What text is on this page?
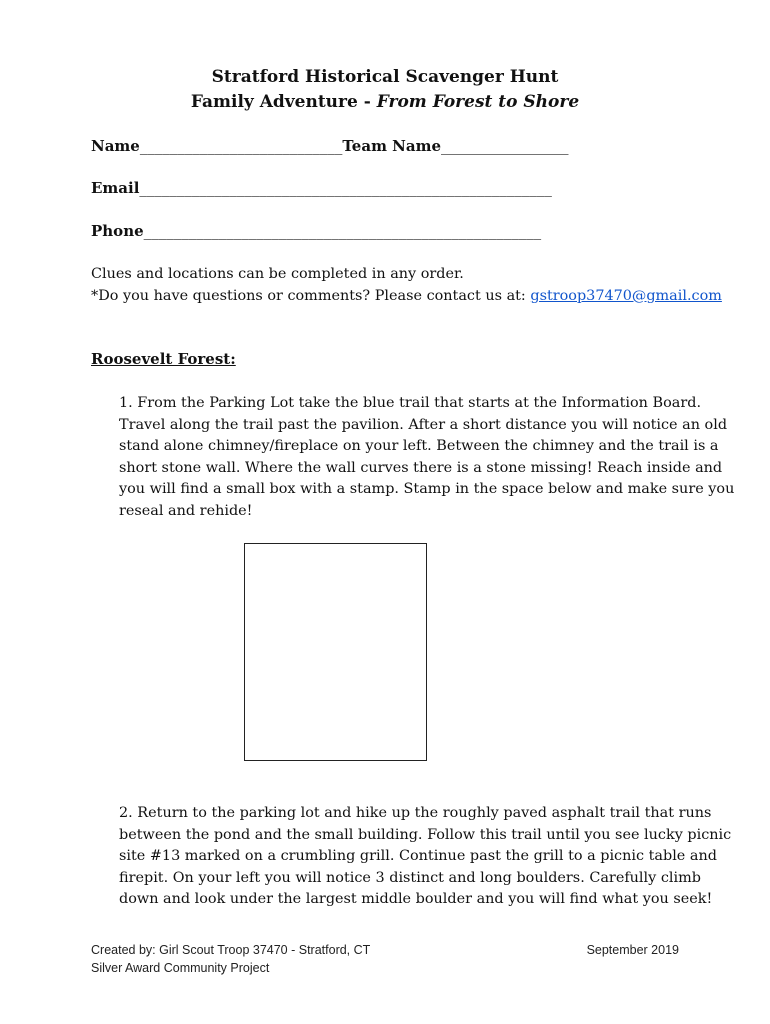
Stratford Historical Scavenger Hunt
Family Adventure - From Forest to Shore
Name___________________________Team Name_________________
Email_______________________________________________________
Phone_____________________________________________________
Clues and locations can be completed in any order.
*Do you have questions or comments? Please contact us at: gstroop37470@gmail.com
Roosevelt Forest:
1. From the Parking Lot take the blue trail that starts at the Information Board.
Travel along the trail past the pavilion. After a short distance you will notice an old
stand alone chimney/fireplace on your left. Between the chimney and the trail is a
short stone wall. Where the wall curves there is a stone missing! Reach inside and
you will find a small box with a stamp. Stamp in the space below and make sure you
reseal and rehide!
2. Return to the parking lot and hike up the roughly paved asphalt trail that runs
between the pond and the small building. Follow this trail until you see lucky picnic
site #13 marked on a crumbling grill. Continue past the grill to a picnic table and
firepit. On your left you will notice 3 distinct and long boulders. Carefully climb
down and look under the largest middle boulder and you will find what you seek!
Created by: Girl Scout Troop 37470 - Stratford, CT
Silver Award Community Project
September 2019
